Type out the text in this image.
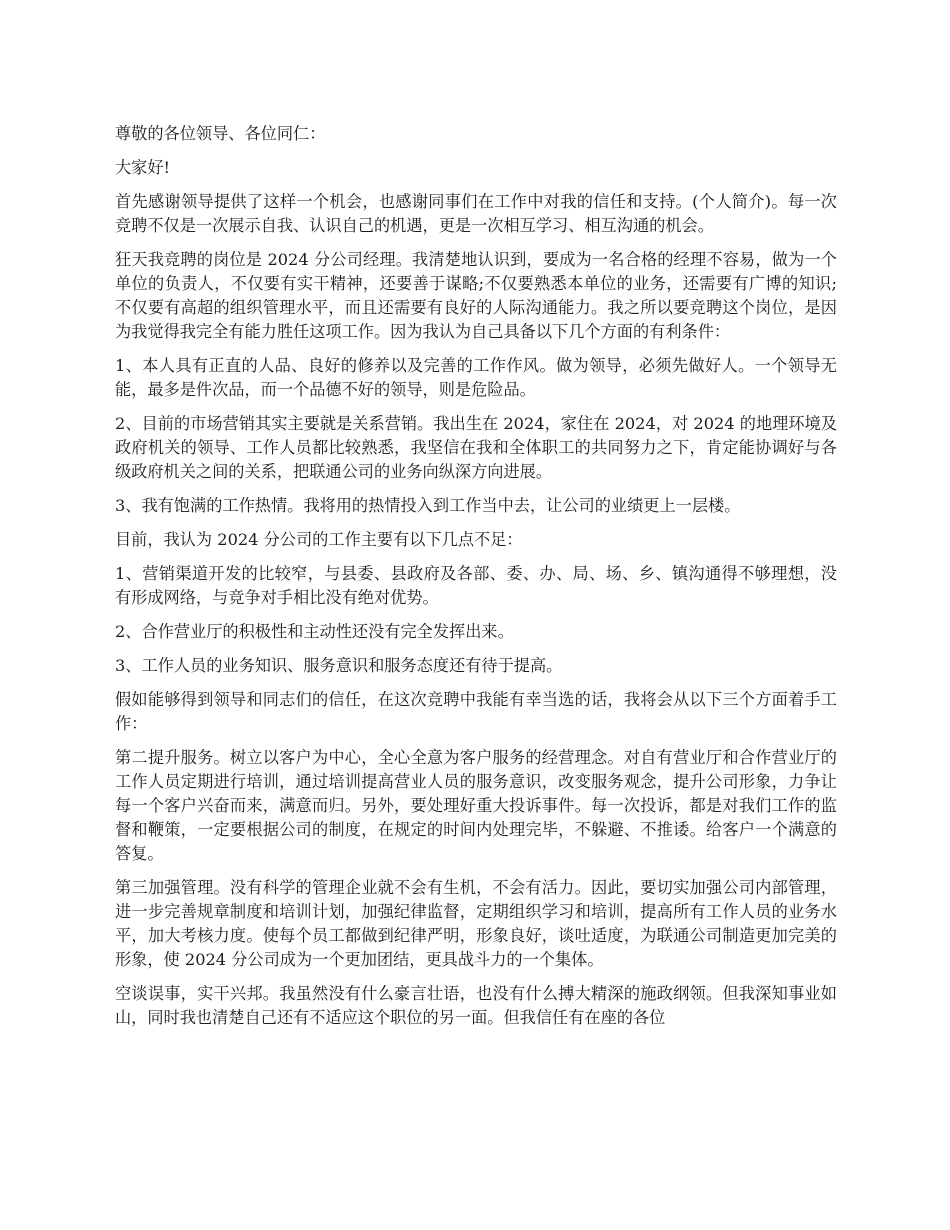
尊敬的各位领导、各位同仁：

大家好!

首先感谢领导提供了这样一个机会，也感谢同事们在工作中对我的信任和支持。(个人简介)。每一次竞聘不仅是一次展示自我、认识自己的机遇，更是一次相互学习、相互沟通的机会。

狂天我竞聘的岗位是 2024 分公司经理。我清楚地认识到，要成为一名合格的经理不容易，做为一个单位的负责人，不仅要有实干精神，还要善于谋略;不仅要熟悉本单位的业务，还需要有广博的知识;不仅要有高超的组织管理水平，而且还需要有良好的人际沟通能力。我之所以要竞聘这个岗位，是因为我觉得我完全有能力胜任这项工作。因为我认为自己具备以下几个方面的有利条件：

1、本人具有正直的人品、良好的修养以及完善的工作作风。做为领导，必须先做好人。一个领导无能，最多是件次品，而一个品德不好的领导，则是危险品。

2、目前的市场营销其实主要就是关系营销。我出生在 2024，家住在 2024，对 2024 的地理环境及政府机关的领导、工作人员都比较熟悉，我坚信在我和全体职工的共同努力之下，肯定能协调好与各级政府机关之间的关系，把联通公司的业务向纵深方向进展。

3、我有饱满的工作热情。我将用的热情投入到工作当中去，让公司的业绩更上一层楼。

目前，我认为 2024 分公司的工作主要有以下几点不足：

1、营销渠道开发的比较窄，与县委、县政府及各部、委、办、局、场、乡、镇沟通得不够理想，没有形成网络，与竞争对手相比没有绝对优势。

2、合作营业厅的积极性和主动性还没有完全发挥出来。

3、工作人员的业务知识、服务意识和服务态度还有待于提高。

假如能够得到领导和同志们的信任，在这次竞聘中我能有幸当选的话，我将会从以下三个方面着手工作：

第二提升服务。树立以客户为中心，全心全意为客户服务的经营理念。对自有营业厅和合作营业厅的工作人员定期进行培训，通过培训提高营业人员的服务意识，改变服务观念，提升公司形象，力争让每一个客户兴奋而来，满意而归。另外，要处理好重大投诉事件。每一次投诉，都是对我们工作的监督和鞭策，一定要根据公司的制度，在规定的时间内处理完毕，不躲避、不推诿。给客户一个满意的答复。

第三加强管理。没有科学的管理企业就不会有生机，不会有活力。因此，要切实加强公司内部管理，进一步完善规章制度和培训计划，加强纪律监督，定期组织学习和培训，提高所有工作人员的业务水平，加大考核力度。使每个员工都做到纪律严明，形象良好，谈吐适度，为联通公司制造更加完美的形象，使 2024 分公司成为一个更加团结，更具战斗力的一个集体。

空谈误事，实干兴邦。我虽然没有什么豪言壮语，也没有什么搏大精深的施政纲领。但我深知事业如山，同时我也清楚自己还有不适应这个职位的另一面。但我信任有在座的各位
